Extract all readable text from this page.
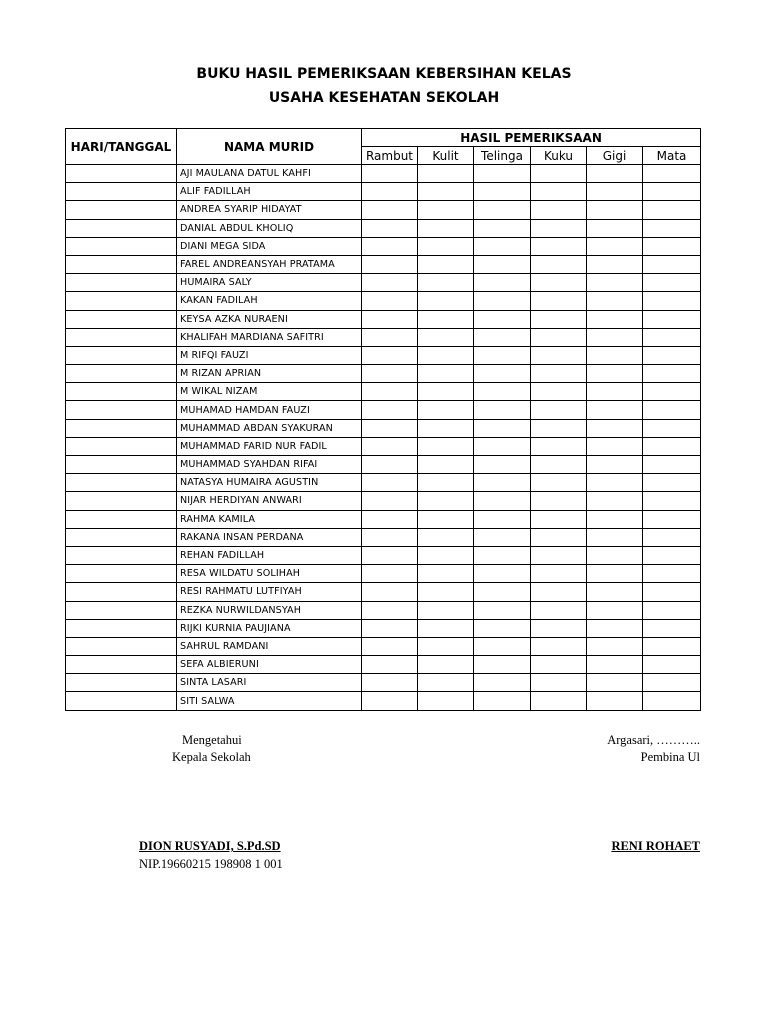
BUKU HASIL PEMERIKSAAN KEBERSIHAN KELAS
USAHA KESEHATAN SEKOLAH
HARI/TANGGAL	NAMA MURID	HASIL PEMERIKSAAN					
		Rambut	Kulit	Telinga	Kuku	Gigi	Mata
	AJI MAULANA DATUL KAHFI						
	ALIF FADILLAH						
	ANDREA SYARIP HIDAYAT						
	DANIAL ABDUL KHOLIQ						
	DIANI MEGA SIDA						
	FAREL ANDREANSYAH PRATAMA						
	HUMAIRA SALY						
	KAKAN FADILAH						
	KEYSA AZKA NURAENI						
	KHALIFAH MARDIANA SAFITRI						
	M RIFQI FAUZI						
	M RIZAN APRIAN						
	M WIKAL NIZAM						
	MUHAMAD HAMDAN FAUZI						
	MUHAMMAD ABDAN SYAKURAN						
	MUHAMMAD FARID NUR FADIL						
	MUHAMMAD SYAHDAN RIFAI						
	NATASYA HUMAIRA AGUSTIN						
	NIJAR HERDIYAN ANWARI						
	RAHMA KAMILA						
	RAKANA INSAN PERDANA						
	REHAN FADILLAH						
	RESA WILDATU SOLIHAH						
	RESI RAHMATU LUTFIYAH						
	REZKA NURWILDANSYAH						
	RIJKI KURNIA PAUJIANA						
	SAHRUL RAMDANI						
	SEFA ALBIERUNI						
	SINTA LASARI						
	SITI SALWA						
Mengetahui
Kepala Sekolah
Argasari, ………..
Pembina Ul
DION RUSYADI, S.Pd.SD
NIP.19660215 198908 1 001
RENI ROHAET
